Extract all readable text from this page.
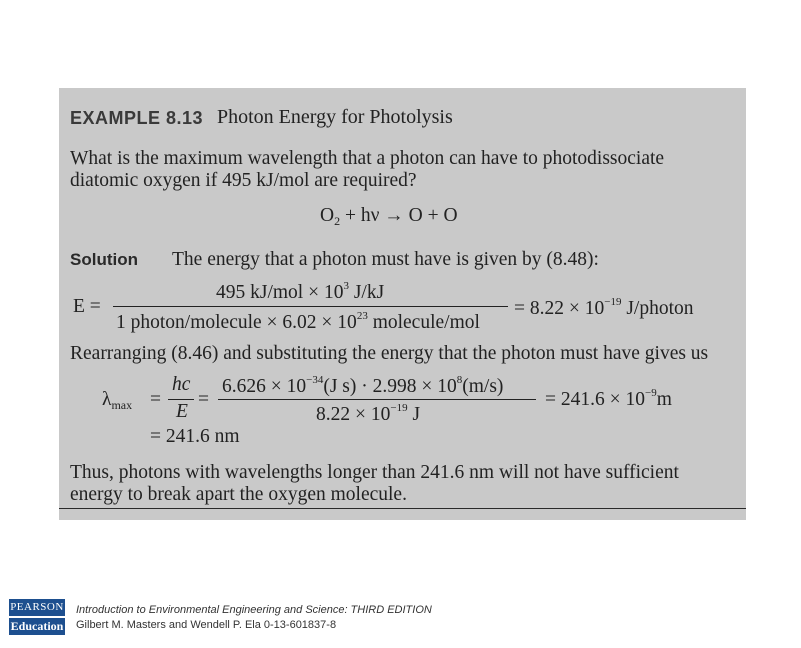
EXAMPLE 8.13 Photon Energy for Photolysis
What is the maximum wavelength that a photon can have to photodissociate
diatomic oxygen if 495 kJ/mol are required?
$O_2 + h\nu \to O + O$
Solution The energy that a photon must have is given by (8.48):
E =
495 $kJ/mol \times 10^3$ J/kJ
1 photon/molecule × $6.02 \times 10^{23}$ molecule/mol
= $8.22 \times 10^{-19}$ J/photon
Rearranging (8.46) and substituting the energy that the photon must have gives us
$\lambda_{max}$ =
hc
E
=
$6.626 \times 10^{-34}(J$ $s) \cdot 2.998 \times 10^8(m/s)$
$8.22 \times 10^{-19}$ J
= $241.6 \times 10^{-9}m$
= 241.6 nm
Thus, photons with wavelengths longer than 241.6 nm will not have sufficient
energy to break apart the oxygen molecule.
PEARSON
Education
Introduction to Environmental Engineering and Science: THIRD EDITION
Gilbert M. Masters and Wendell P. Ela 0-13-601837-8
